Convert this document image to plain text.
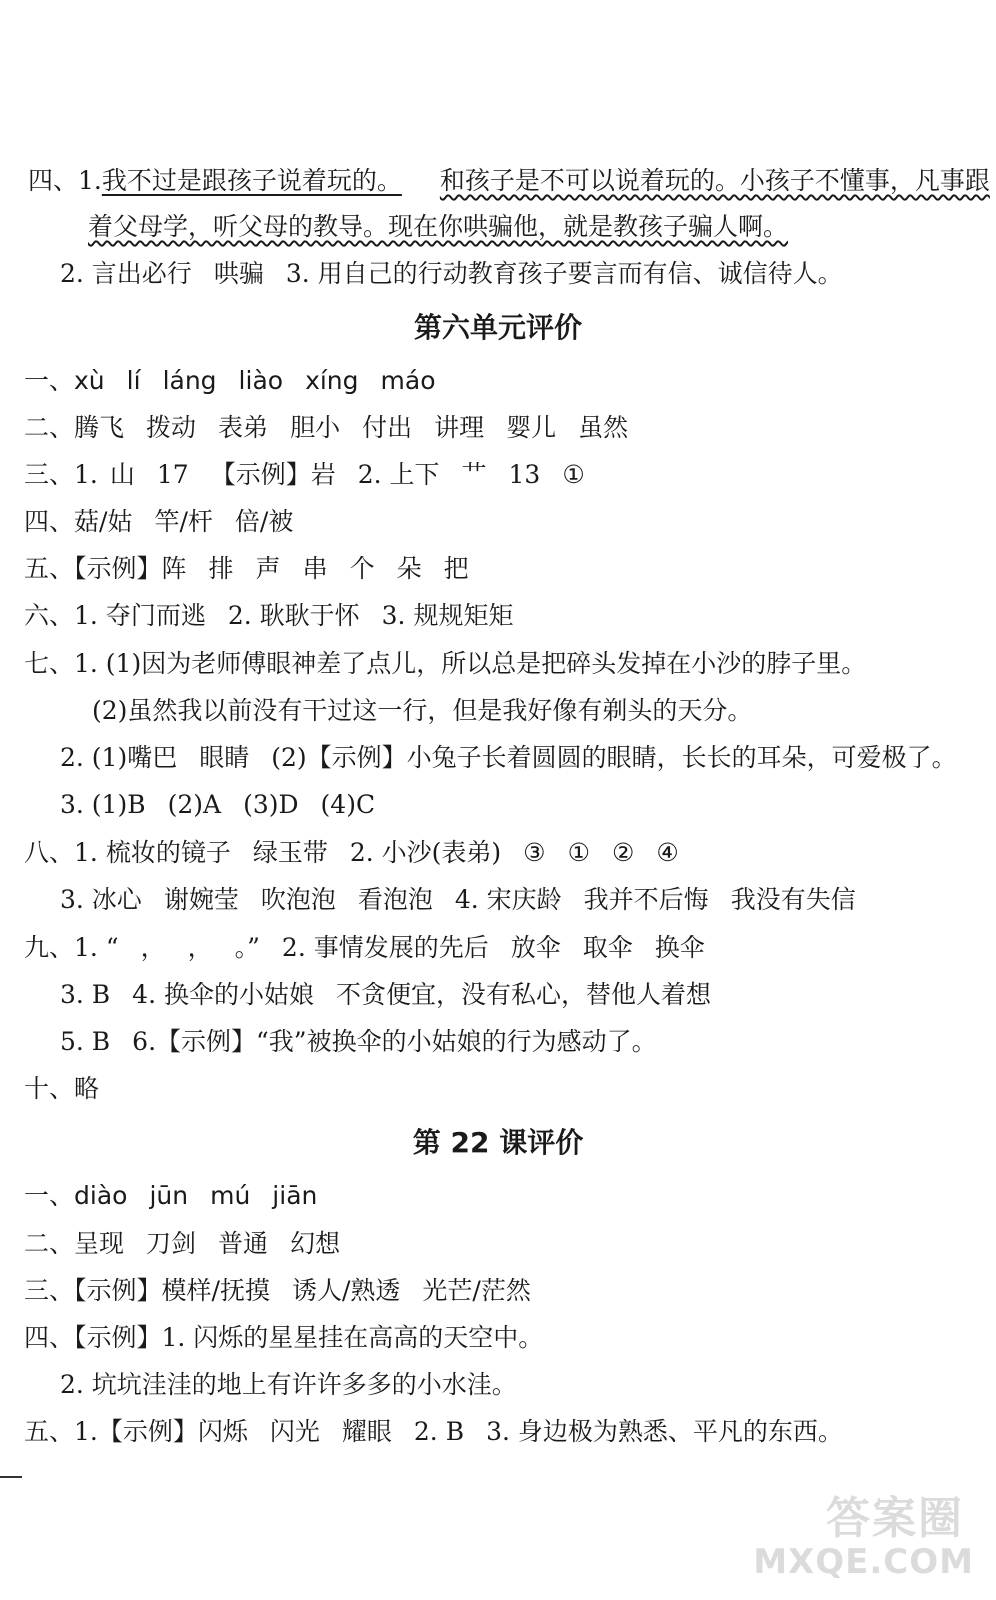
四、1.我不过是跟孩子说着玩的。 和孩子是不可以说着玩的。小孩子不懂事，凡事跟
着父母学，听父母的教导。现在你哄骗他，就是教孩子骗人啊。
2. 言出必行 哄骗 3. 用自己的行动教育孩子要言而有信、诚信待人。
第六单元评价
一、xù lí láng liào xíng máo
二、腾飞 拨动 表弟 胆小 付出 讲理 婴儿 虽然
三、1. 山 17 【示例】岩 2. 上下 艹 13 ①
四、菇/姑 竿/杆 倍/被
五、【示例】阵 排 声 串 个 朵 把
六、1. 夺门而逃 2. 耿耿于怀 3. 规规矩矩
七、1. (1)因为老师傅眼神差了点儿，所以总是把碎头发掉在小沙的脖子里。
(2)虽然我以前没有干过这一行，但是我好像有剃头的天分。
2. (1)嘴巴 眼睛 (2)【示例】小兔子长着圆圆的眼睛，长长的耳朵，可爱极了。
3. (1)B (2)A (3)D (4)C
八、1. 梳妆的镜子 绿玉带 2. 小沙(表弟) ③ ① ② ④
3. 冰心 谢婉莹 吹泡泡 看泡泡 4. 宋庆龄 我并不后悔 我没有失信
九、1. “ ， ， 。” 2. 事情发展的先后 放伞 取伞 换伞
3. B 4. 换伞的小姑娘 不贪便宜，没有私心，替他人着想
5. B 6.【示例】“我”被换伞的小姑娘的行为感动了。
十、略
第 22 课评价
一、diào jūn mú jiān
二、呈现 刀剑 普通 幻想
三、【示例】模样/抚摸 诱人/熟透 光芒/茫然
四、【示例】1. 闪烁的星星挂在高高的天空中。
2. 坑坑洼洼的地上有许许多多的小水洼。
五、1.【示例】闪烁 闪光 耀眼 2. B 3. 身边极为熟悉、平凡的东西。
答案圈
MXQE.COM
